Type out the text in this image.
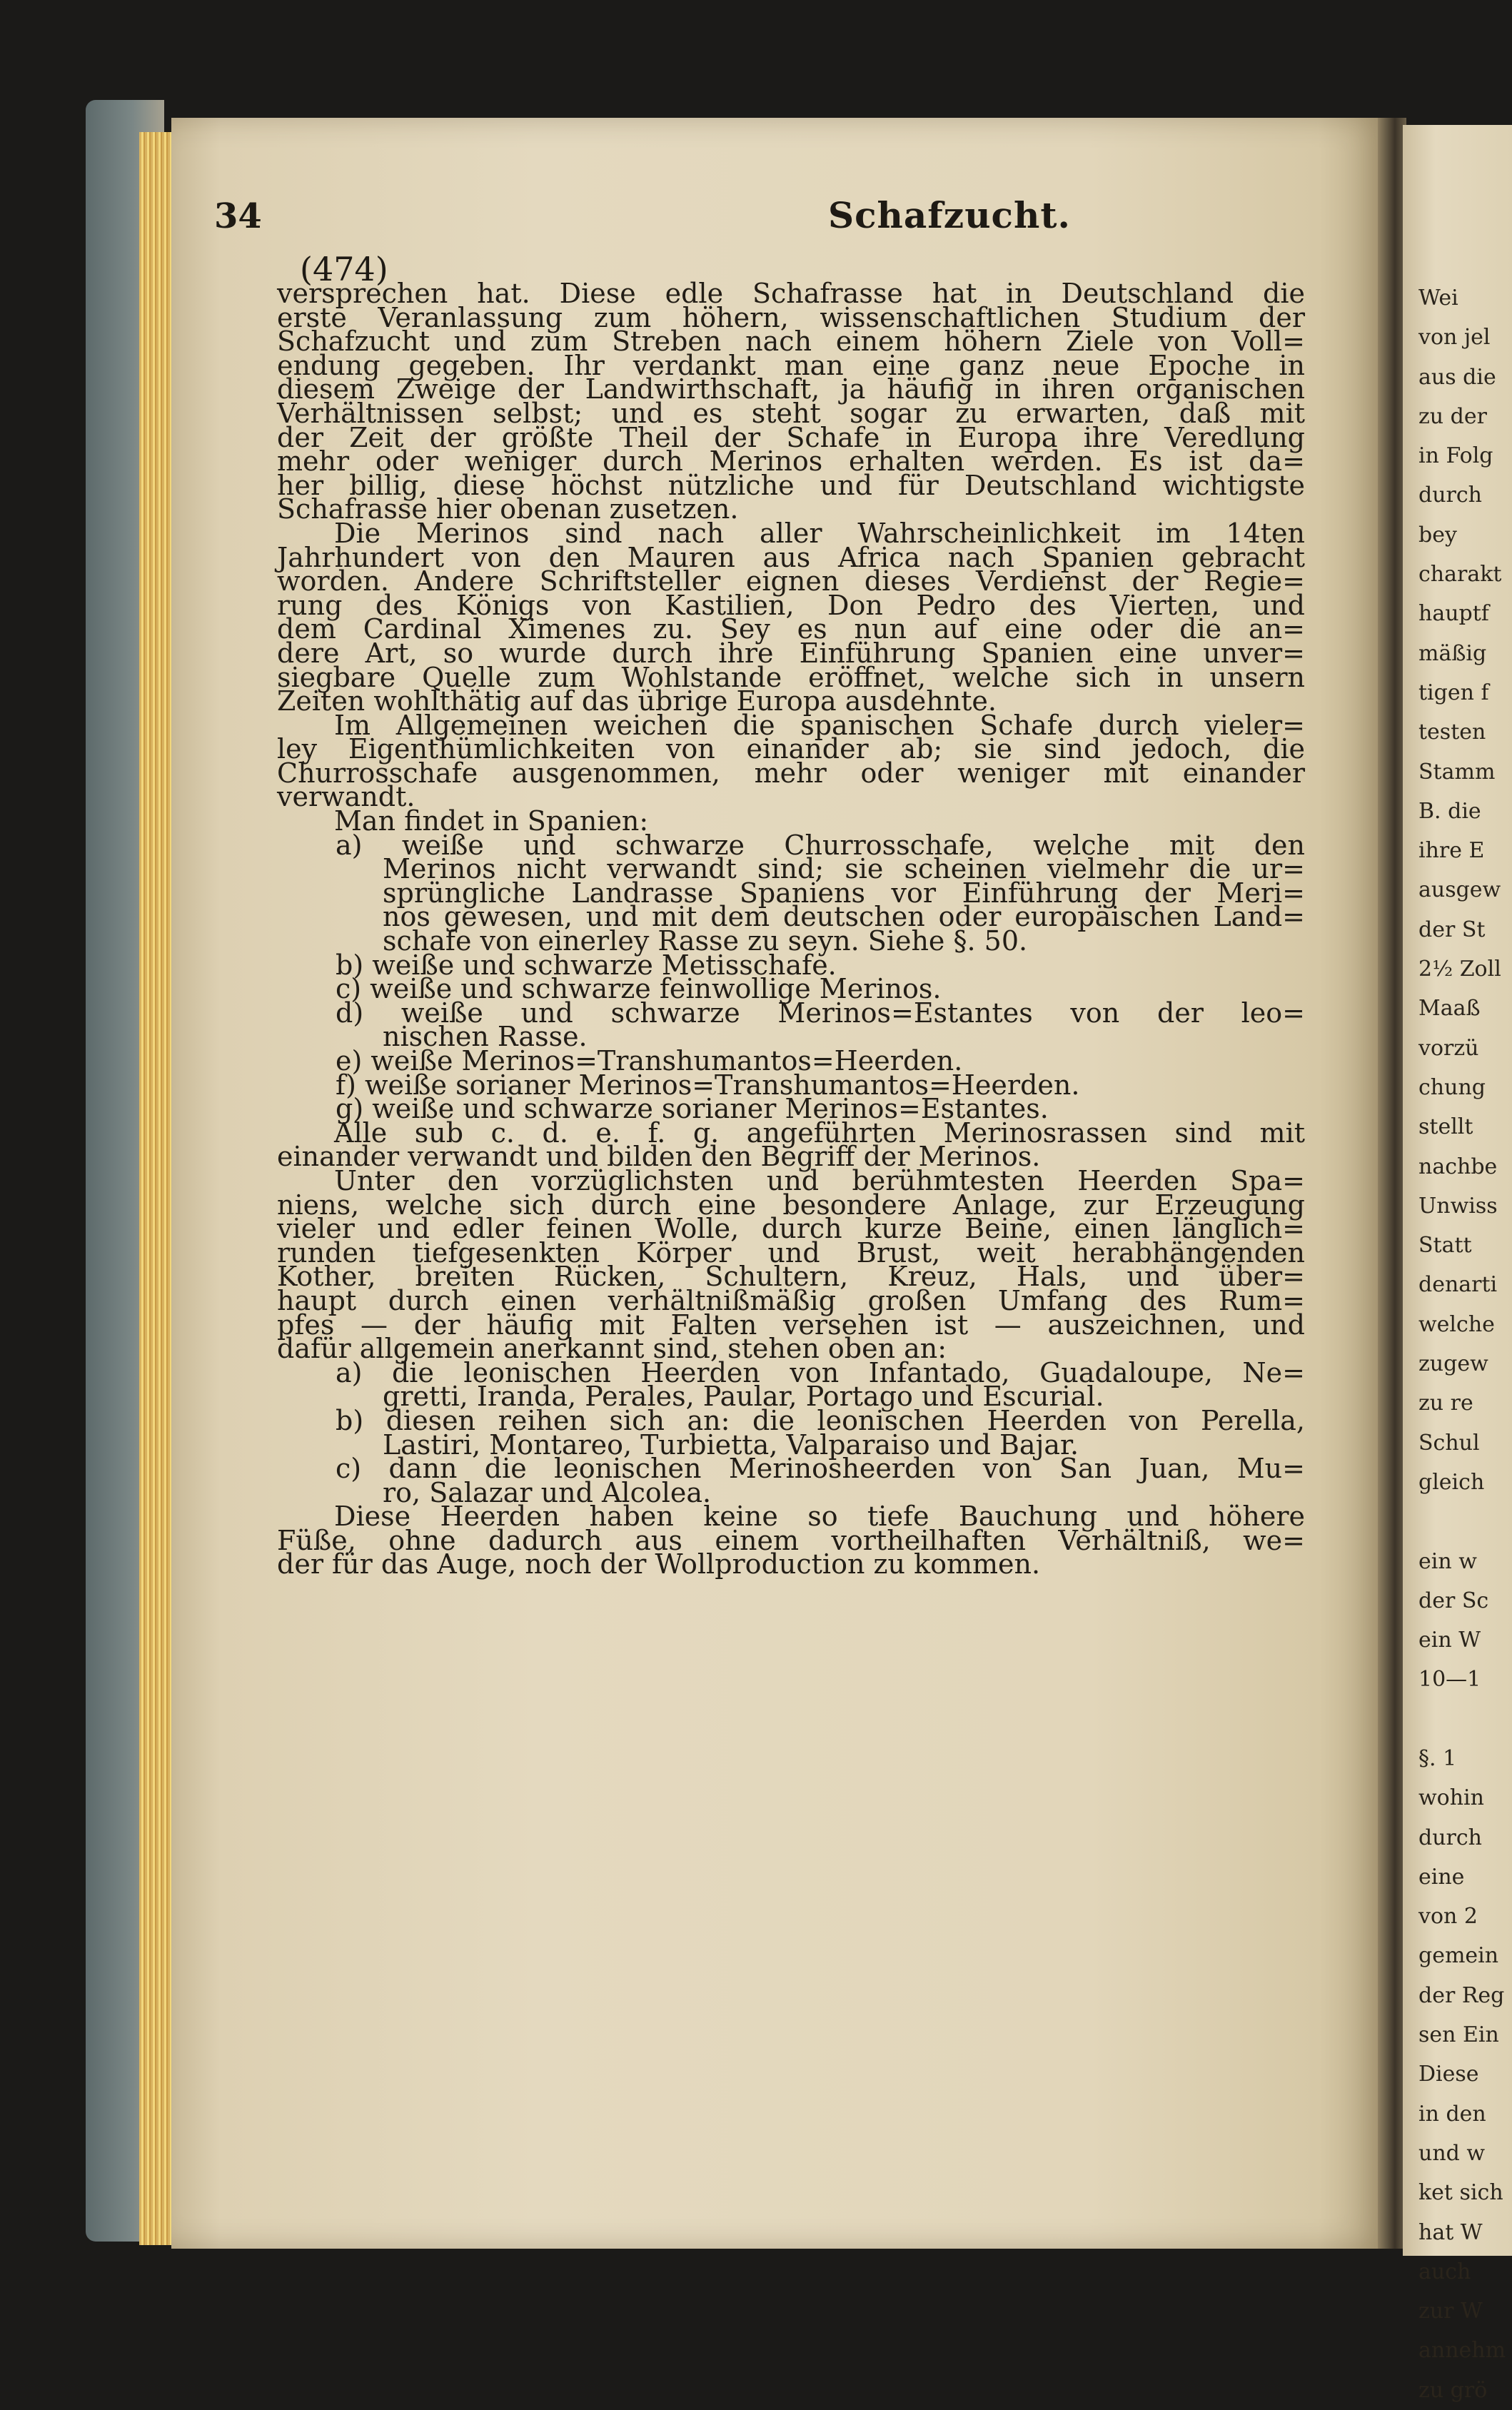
Wei
von jel
aus die
zu der
in Folg
durch
bey
charakt
hauptf
mäßig
tigen f
testen
Stamm
B. die
ihre E
ausgew
der St
2½ Zoll
Maaß
vorzü
chung
stellt
nachbe
Unwiss
Statt
denarti
welche
zugew
zu re
Schul
gleich
ein w
der Sc
ein W
10—1
§. 1
wohin
durch
eine
von 2
gemein
der Reg
sen Ein
Diese
in den
und w
ket sich
hat W
auch
zur W
annehm
zu grö
34	Schafzucht.
(474)
versprechen hat. Diese edle Schafrasse hat in Deutschland die
erste Veranlassung zum höhern, wissenschaftlichen Studium der
Schafzucht und zum Streben nach einem höhern Ziele von Voll=
endung gegeben. Ihr verdankt man eine ganz neue Epoche in
diesem Zweige der Landwirthschaft, ja häufig in ihren organischen
Verhältnissen selbst; und es steht sogar zu erwarten, daß mit
der Zeit der größte Theil der Schafe in Europa ihre Veredlung
mehr oder weniger durch Merinos erhalten werden. Es ist da=
her billig, diese höchst nützliche und für Deutschland wichtigste
Schafrasse hier obenan zusetzen.
Die Merinos sind nach aller Wahrscheinlichkeit im 14ten
Jahrhundert von den Mauren aus Africa nach Spanien gebracht
worden. Andere Schriftsteller eignen dieses Verdienst der Regie=
rung des Königs von Kastilien, Don Pedro des Vierten, und
dem Cardinal Ximenes zu. Sey es nun auf eine oder die an=
dere Art, so wurde durch ihre Einführung Spanien eine unver=
siegbare Quelle zum Wohlstande eröffnet, welche sich in unsern
Zeiten wohlthätig auf das übrige Europa ausdehnte.
Im Allgemeinen weichen die spanischen Schafe durch vieler=
ley Eigenthümlichkeiten von einander ab; sie sind jedoch, die
Churrosschafe ausgenommen, mehr oder weniger mit einander
verwandt.
Man findet in Spanien:
a) weiße und schwarze Churrosschafe, welche mit den
Merinos nicht verwandt sind; sie scheinen vielmehr die ur=
sprüngliche Landrasse Spaniens vor Einführung der Meri=
nos gewesen, und mit dem deutschen oder europäischen Land=
schafe von einerley Rasse zu seyn. Siehe §. 50.
b) weiße und schwarze Metisschafe.
c) weiße und schwarze feinwollige Merinos.
d) weiße und schwarze Merinos=Estantes von der leo=
nischen Rasse.
e) weiße Merinos=Transhumantos=Heerden.
f) weiße sorianer Merinos=Transhumantos=Heerden.
g) weiße und schwarze sorianer Merinos=Estantes.
Alle sub c. d. e. f. g. angeführten Merinosrassen sind mit
einander verwandt und bilden den Begriff der Merinos.
Unter den vorzüglichsten und berühmtesten Heerden Spa=
niens, welche sich durch eine besondere Anlage, zur Erzeugung
vieler und edler feinen Wolle, durch kurze Beine, einen länglich=
runden tiefgesenkten Körper und Brust, weit herabhängenden
Kother, breiten Rücken, Schultern, Kreuz, Hals, und über=
haupt durch einen verhältnißmäßig großen Umfang des Rum=
pfes — der häufig mit Falten versehen ist — auszeichnen, und
dafür allgemein anerkannt sind, stehen oben an:
a) die leonischen Heerden von Infantado, Guadaloupe, Ne=
gretti, Iranda, Perales, Paular, Portago und Escurial.
b) diesen reihen sich an: die leonischen Heerden von Perella,
Lastiri, Montareo, Turbietta, Valparaiso und Bajar.
c) dann die leonischen Merinosheerden von San Juan, Mu=
ro, Salazar und Alcolea.
Diese Heerden haben keine so tiefe Bauchung und höhere
Füße, ohne dadurch aus einem vortheilhaften Verhältniß, we=
der für das Auge, noch der Wollproduction zu kommen.
